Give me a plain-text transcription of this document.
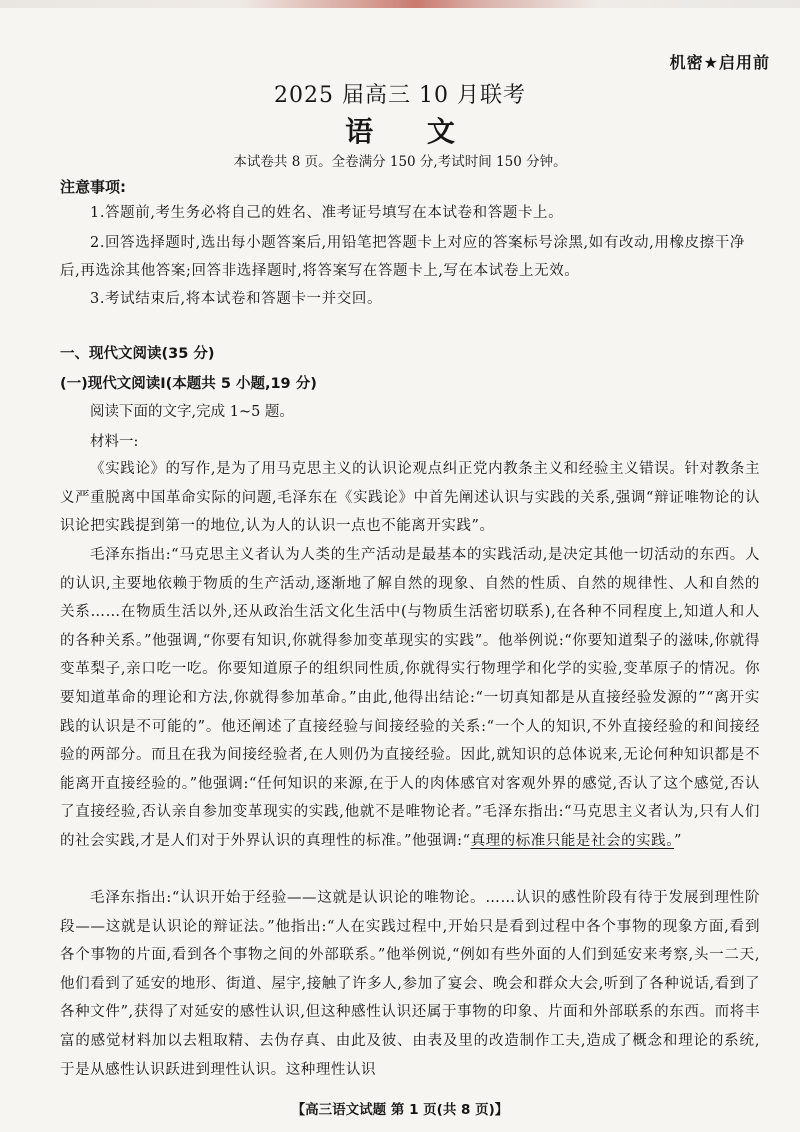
机密★启用前
2025 届高三 10 月联考
语 文
本试卷共 8 页。全卷满分 150 分,考试时间 150 分钟。
注意事项:

1.答题前,考生务必将自己的姓名、准考证号填写在本试卷和答题卡上。

2.回答选择题时,选出每小题答案后,用铅笔把答题卡上对应的答案标号涂黑,如有改动,用橡皮擦干净后,再选涂其他答案;回答非选择题时,将答案写在答题卡上,写在本试卷上无效。

3.考试结束后,将本试卷和答题卡一并交回。

一、现代文阅读(35 分)
(一)现代文阅读Ⅰ(本题共 5 小题,19 分)
阅读下面的文字,完成 1~5 题。
材料一:

《实践论》的写作,是为了用马克思主义的认识论观点纠正党内教条主义和经验主义错误。针对教条主义严重脱离中国革命实际的问题,毛泽东在《实践论》中首先阐述认识与实践的关系,强调“辩证唯物论的认识论把实践提到第一的地位,认为人的认识一点也不能离开实践”。

毛泽东指出:“马克思主义者认为人类的生产活动是最基本的实践活动,是决定其他一切活动的东西。人的认识,主要地依赖于物质的生产活动,逐渐地了解自然的现象、自然的性质、自然的规律性、人和自然的关系……在物质生活以外,还从政治生活文化生活中(与物质生活密切联系),在各种不同程度上,知道人和人的各种关系。”他强调,“你要有知识,你就得参加变革现实的实践”。他举例说:“你要知道梨子的滋味,你就得变革梨子,亲口吃一吃。你要知道原子的组织同性质,你就得实行物理学和化学的实验,变革原子的情况。你要知道革命的理论和方法,你就得参加革命。”由此,他得出结论:“一切真知都是从直接经验发源的”“离开实践的认识是不可能的”。他还阐述了直接经验与间接经验的关系:“一个人的知识,不外直接经验的和间接经验的两部分。而且在我为间接经验者,在人则仍为直接经验。因此,就知识的总体说来,无论何种知识都是不能离开直接经验的。”他强调:“任何知识的来源,在于人的肉体感官对客观外界的感觉,否认了这个感觉,否认了直接经验,否认亲自参加变革现实的实践,他就不是唯物论者。”毛泽东指出:“马克思主义者认为,只有人们的社会实践,才是人们对于外界认识的真理性的标准。”他强调:“真理的标准只能是社会的实践。”

毛泽东指出:“认识开始于经验——这就是认识论的唯物论。……认识的感性阶段有待于发展到理性阶段——这就是认识论的辩证法。”他指出:“人在实践过程中,开始只是看到过程中各个事物的现象方面,看到各个事物的片面,看到各个事物之间的外部联系。”他举例说,“例如有些外面的人们到延安来考察,头一二天,他们看到了延安的地形、街道、屋宇,接触了许多人,参加了宴会、晚会和群众大会,听到了各种说话,看到了各种文件”,获得了对延安的感性认识,但这种感性认识还属于事物的印象、片面和外部联系的东西。而将丰富的感觉材料加以去粗取精、去伪存真、由此及彼、由表及里的改造制作工夫,造成了概念和理论的系统,于是从感性认识跃进到理性认识。这种理性认识

【高三语文试题 第 1 页(共 8 页)】
